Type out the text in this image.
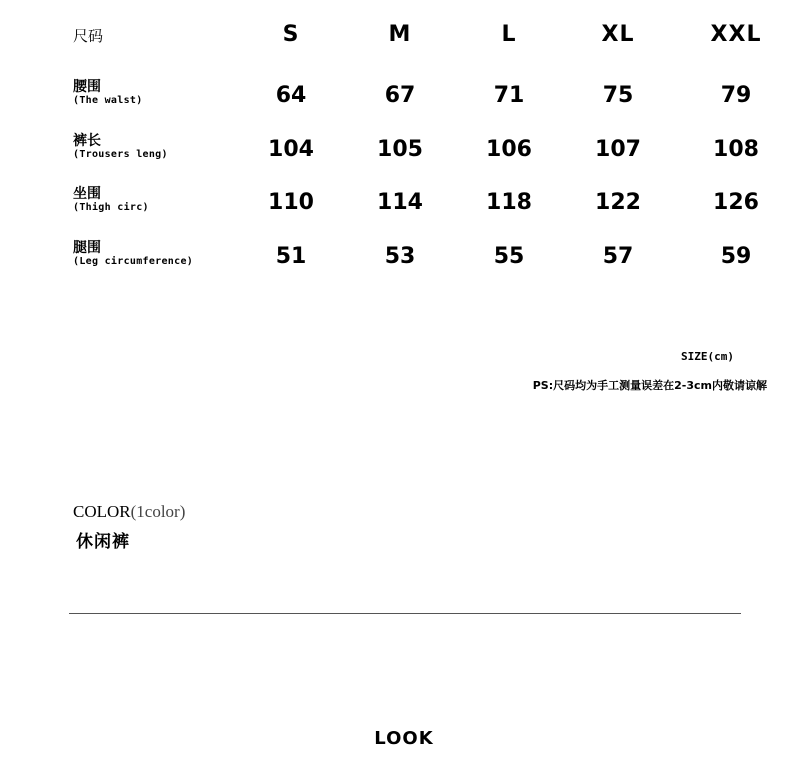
尺码	S	M	L	XL	XXL
腰围
(The walst)	64	67	71	75	79
裤长
(Trousers leng)	104	105	106	107	108
坐围
(Thigh circ)	110	114	118	122	126
腿围
(Leg circumference)	51	53	55	57	59
SIZE(cm)
PS:尺码均为手工测量误差在2-3cm内敬请谅解
COLOR(1color)
休闲裤
LOOK
